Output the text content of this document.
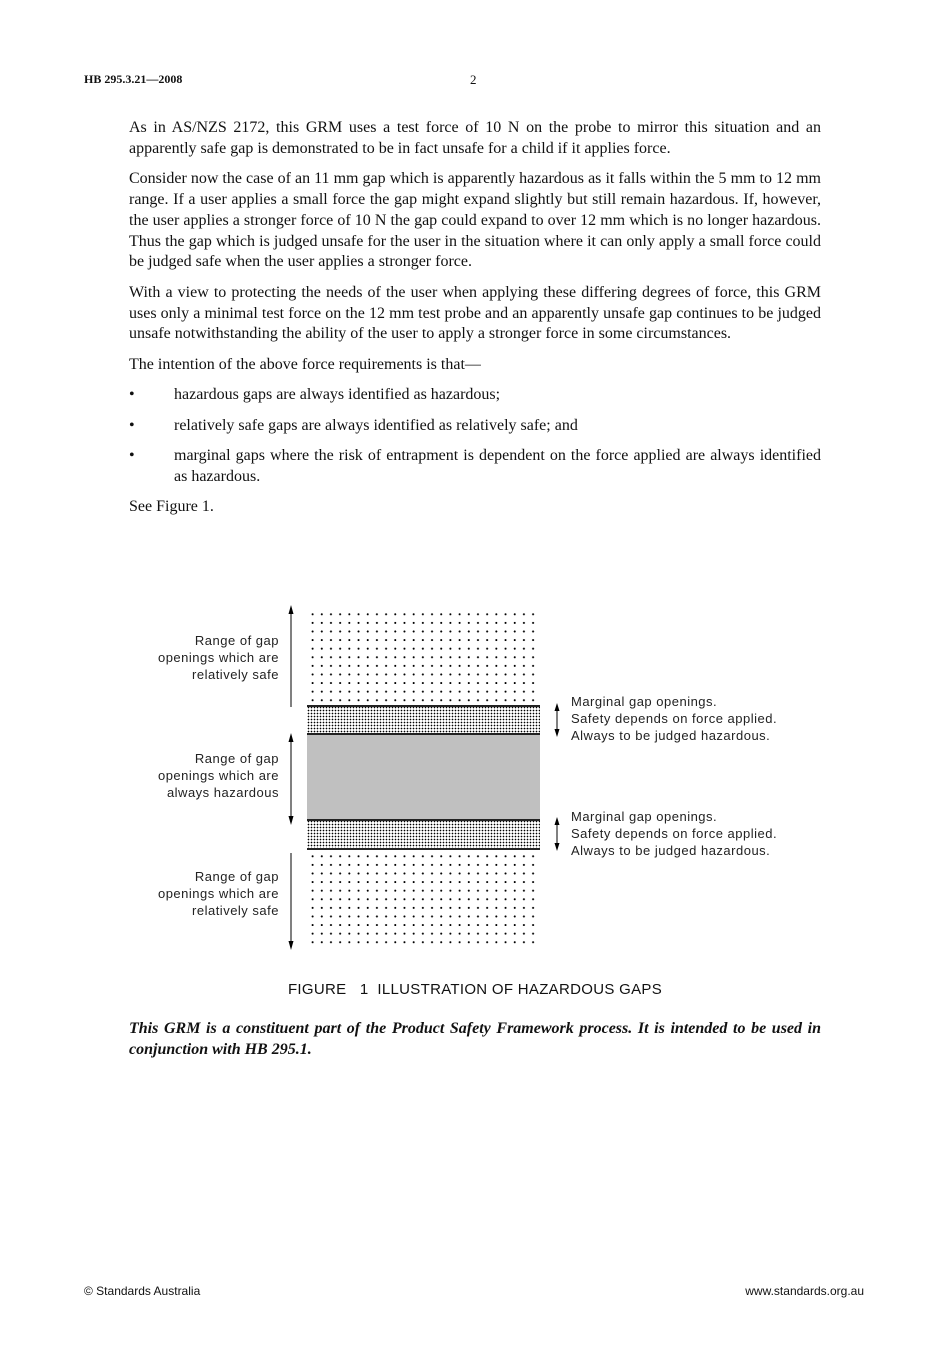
HB 295.3.21—2008	2

As in AS/NZS 2172, this GRM uses a test force of 10 N on the probe to mirror this situation and an apparently safe gap is demonstrated to be in fact unsafe for a child if it applies force.

Consider now the case of an 11 mm gap which is apparently hazardous as it falls within the 5 mm to 12 mm range. If a user applies a small force the gap might expand slightly but still remain hazardous. If, however, the user applies a stronger force of 10 N the gap could expand to over 12 mm which is no longer hazardous. Thus the gap which is judged unsafe for the user in the situation where it can only apply a small force could be judged safe when the user applies a stronger force.

With a view to protecting the needs of the user when applying these differing degrees of force, this GRM uses only a minimal test force on the 12 mm test probe and an apparently unsafe gap continues to be judged unsafe notwithstanding the ability of the user to apply a stronger force in some circumstances.

The intention of the above force requirements is that—

•	hazardous gaps are always identified as hazardous;
•	relatively safe gaps are always identified as relatively safe; and
•	marginal gaps where the risk of entrapment is dependent on the force applied are always identified as hazardous.

See Figure 1.

Range of gap
openings which are
relatively safe
Range of gap
openings which are
always hazardous
Range of gap
openings which are
relatively safe
Marginal gap openings.
Safety depends on force applied.
Always to be judged hazardous.
Marginal gap openings.
Safety depends on force applied.
Always to be judged hazardous.
FIGURE   1  ILLUSTRATION OF HAZARDOUS GAPS
This GRM is a constituent part of the Product Safety Framework process. It is intended to be used in conjunction with HB 295.1.
© Standards Australia	www.standards.org.au
